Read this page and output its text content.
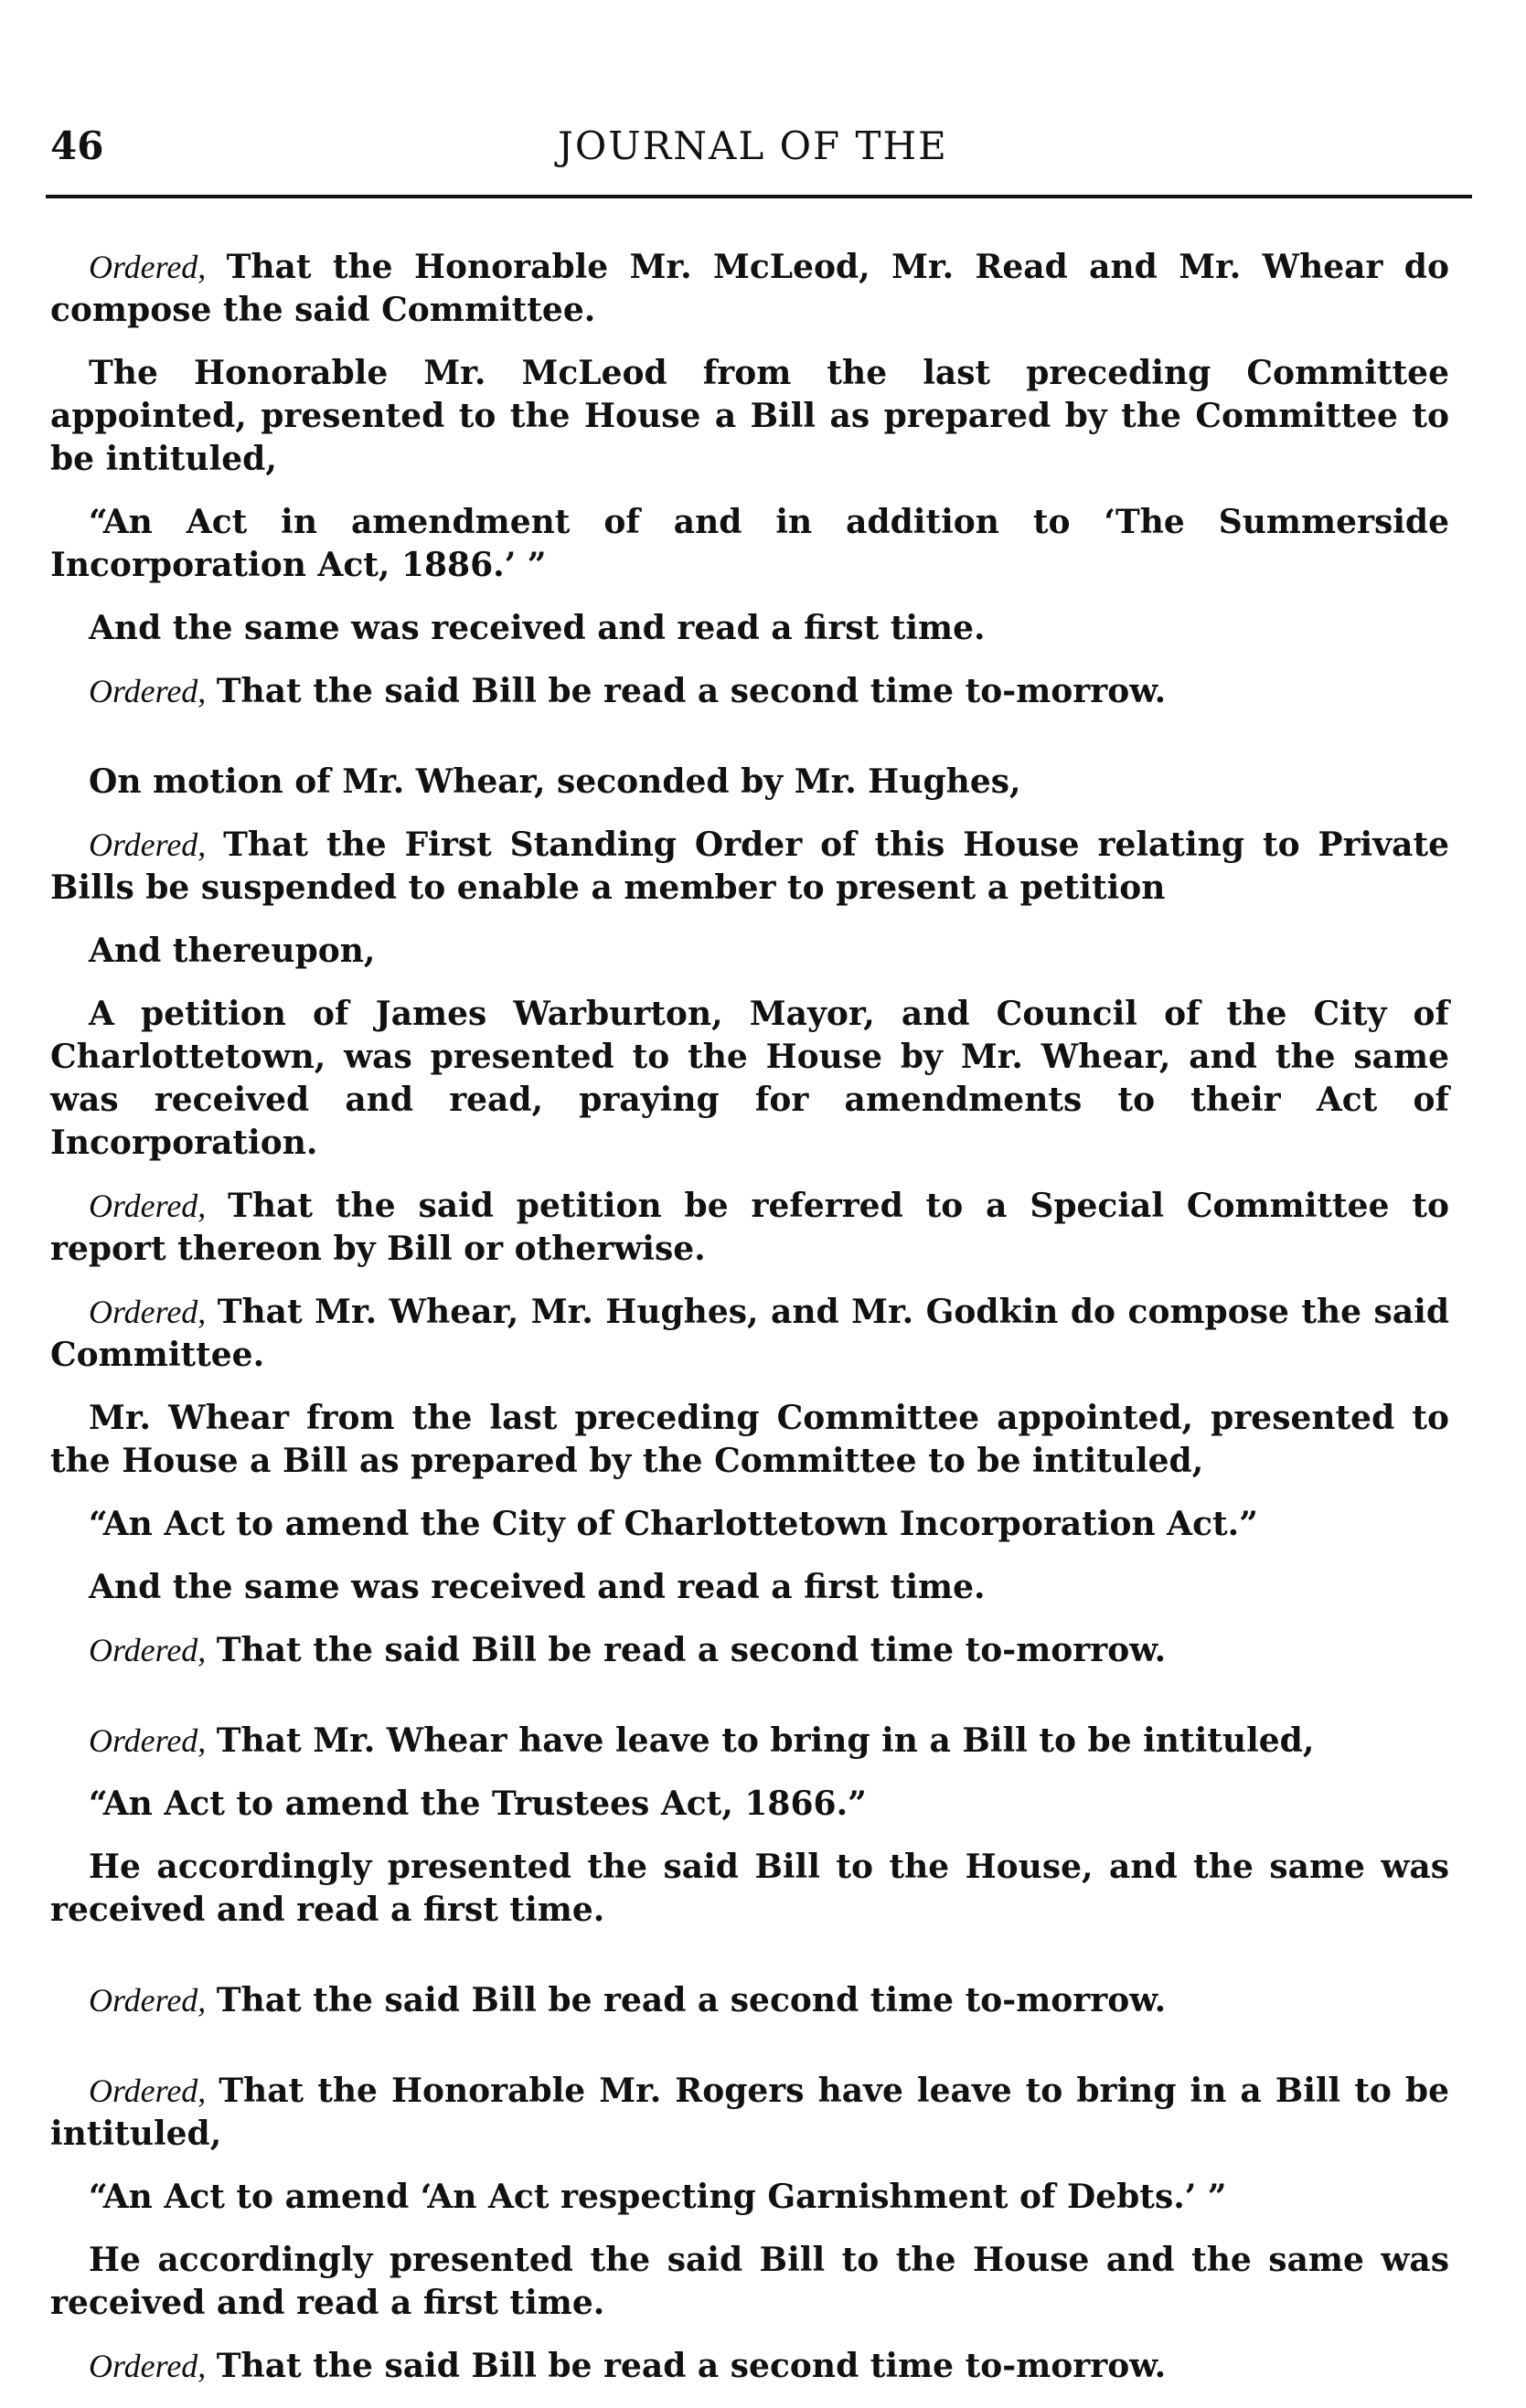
46	JOURNAL OF THE

Ordered, That the Honorable Mr. McLeod, Mr. Read and Mr. Whear do compose the said Committee.

The Honorable Mr. McLeod from the last preceding Committee appointed, presented to the House a Bill as prepared by the Committee to be intituled,

“An Act in amendment of and in addition to ‘The Summerside Incorporation Act, 1886.’ ”

And the same was received and read a first time.

Ordered, That the said Bill be read a second time to-morrow.

On motion of Mr. Whear, seconded by Mr. Hughes,

Ordered, That the First Standing Order of this House relating to Private Bills be suspended to enable a member to present a petition

And thereupon,

A petition of James Warburton, Mayor, and Council of the City of Charlottetown, was presented to the House by Mr. Whear, and the same was received and read, praying for amendments to their Act of Incorporation.

Ordered, That the said petition be referred to a Special Committee to report thereon by Bill or otherwise.

Ordered, That Mr. Whear, Mr. Hughes, and Mr. Godkin do compose the said Committee.

Mr. Whear from the last preceding Committee appointed, presented to the House a Bill as prepared by the Committee to be intituled,

“An Act to amend the City of Charlottetown Incorporation Act.”

And the same was received and read a first time.

Ordered, That the said Bill be read a second time to-morrow.

Ordered, That Mr. Whear have leave to bring in a Bill to be intituled,

“An Act to amend the Trustees Act, 1866.”

He accordingly presented the said Bill to the House, and the same was received and read a first time.

Ordered, That the said Bill be read a second time to-morrow.

Ordered, That the Honorable Mr. Rogers have leave to bring in a Bill to be intituled,

“An Act to amend ‘An Act respecting Garnishment of Debts.’ ”

He accordingly presented the said Bill to the House and the same was received and read a first time.

Ordered, That the said Bill be read a second time to-morrow.
